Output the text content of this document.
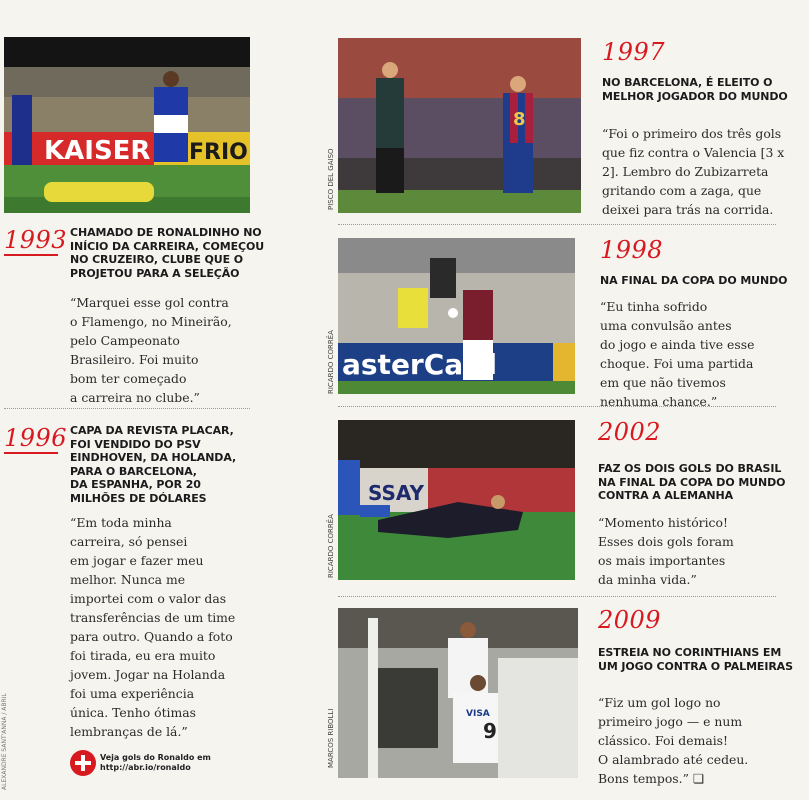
KAISER FRIO
1993 CHAMADO DE RONALDINHO NO
INÍCIO DA CARREIRA, COMEÇOU
NO CRUZEIRO, CLUBE QUE O
PROJETOU PARA A SELEÇÃO
“Marquei esse gol contra
o Flamengo, no Mineirão,
pelo Campeonato
Brasileiro. Foi muito
bom ter começado
a carreira no clube.”
1996 CAPA DA REVISTA PLACAR,
FOI VENDIDO DO PSV
EINDHOVEN, DA HOLANDA,
PARA O BARCELONA,
DA ESPANHA, POR 20
MILHÕES DE DÓLARES
“Em toda minha
carreira, só pensei
em jogar e fazer meu
melhor. Nunca me
importei com o valor das
transferências de um time
para outro. Quando a foto
foi tirada, eu era muito
jovem. Jogar na Holanda
foi uma experiência
única. Tenho ótimas
lembranças de lá.”
ALEXANDRE SANT'ANNA / ABRIL	Veja gols do Ronaldo em
http://abr.io/ronaldo
8
PISCO DEL GAISO
1997
NO BARCELONA, É ELEITO O
MELHOR JOGADOR DO MUNDO
“Foi o primeiro dos três gols
que fiz contra o Valencia [3 x
2]. Lembro do Zubizarreta
gritando com a zaga, que
deixei para trás na corrida.
asterCard
RICARDO CORRÊA
1998
NA FINAL DA COPA DO MUNDO
“Eu tinha sofrido
uma convulsão antes
do jogo e ainda tive esse
choque. Foi uma partida
em que não tivemos
nenhuma chance.”
SSAY
RICARDO CORRÊA
2002
FAZ OS DOIS GOLS DO BRASIL
NA FINAL DA COPA DO MUNDO
CONTRA A ALEMANHA
“Momento histórico!
Esses dois gols foram
os mais importantes
da minha vida.”
9
VISA
MARCOS RIBOLLI
2009
ESTREIA NO CORINTHIANS EM
UM JOGO CONTRA O PALMEIRAS
“Fiz um gol logo no
primeiro jogo — e num
clássico. Foi demais!
O alambrado até cedeu.
Bons tempos.” ❏
